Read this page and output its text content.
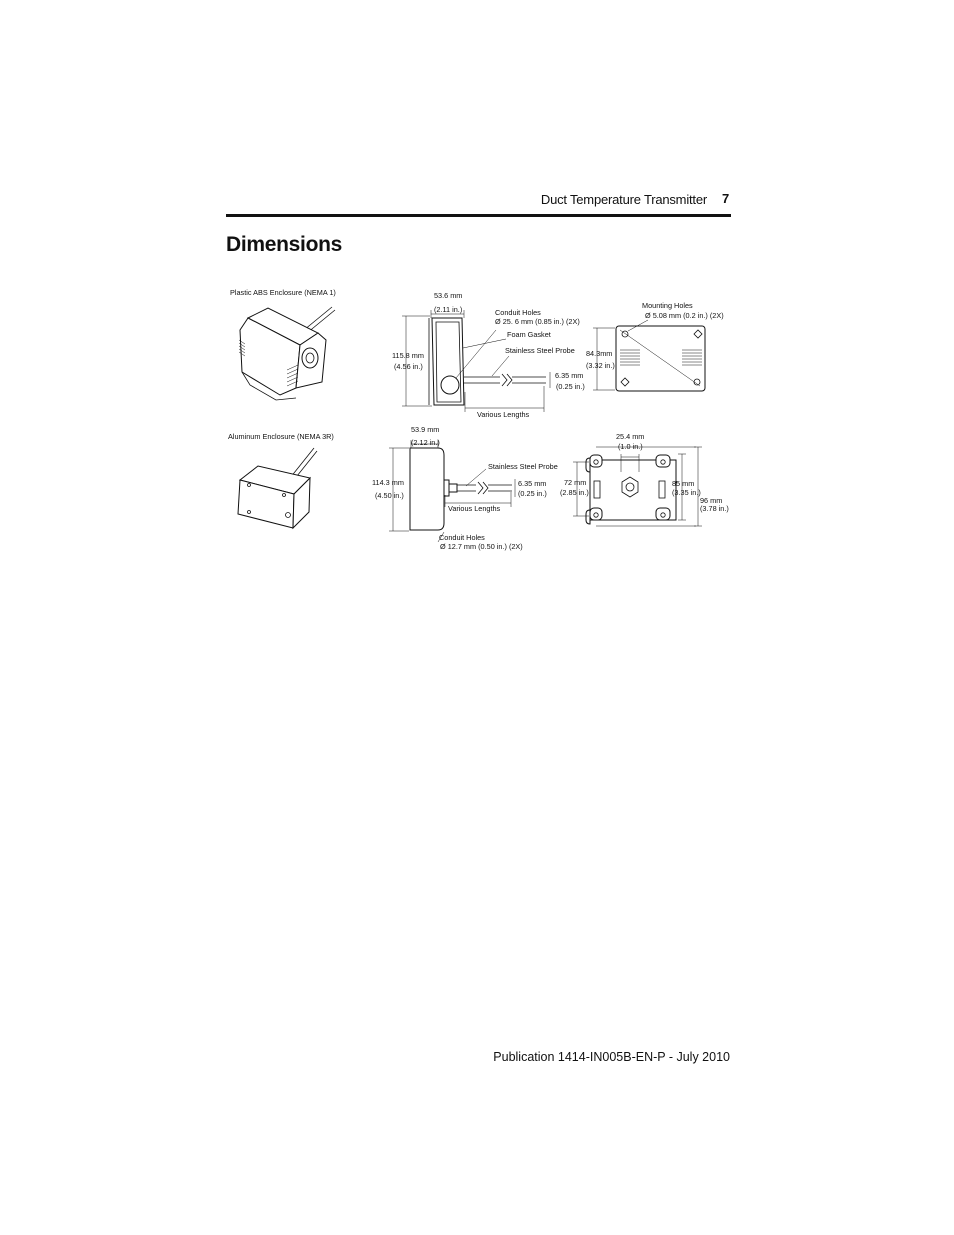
Duct Temperature Transmitter 7
Dimensions
Plastic ABS Enclosure (NEMA 1)	53.6 mm
(2.11 in.)	Conduit Holes
Ø 25. 6 mm (0.85 in.) (2X)
Foam Gasket
Stainless Steel Probe
115.8 mm
(4.56 in.)
6.35 mm
(0.25 in.)
Various Lengths
Mounting Holes
Ø 5.08 mm (0.2 in.) (2X)
84.3mm
(3.32 in.)
Aluminum Enclosure (NEMA 3R)
53.9 mm
(2.12 in.)
Stainless Steel Probe
114.3 mm
(4.50 in.)
6.35 mm
(0.25 in.)
Various Lengths
Conduit Holes
Ø 12.7 mm (0.50 in.) (2X)
25.4 mm
(1.0 in.)
72 mm
(2.85 in.)
85 mm
(3.35 in.)
96 mm
(3.78 in.)
Publication 1414-IN005B-EN-P - July 2010
